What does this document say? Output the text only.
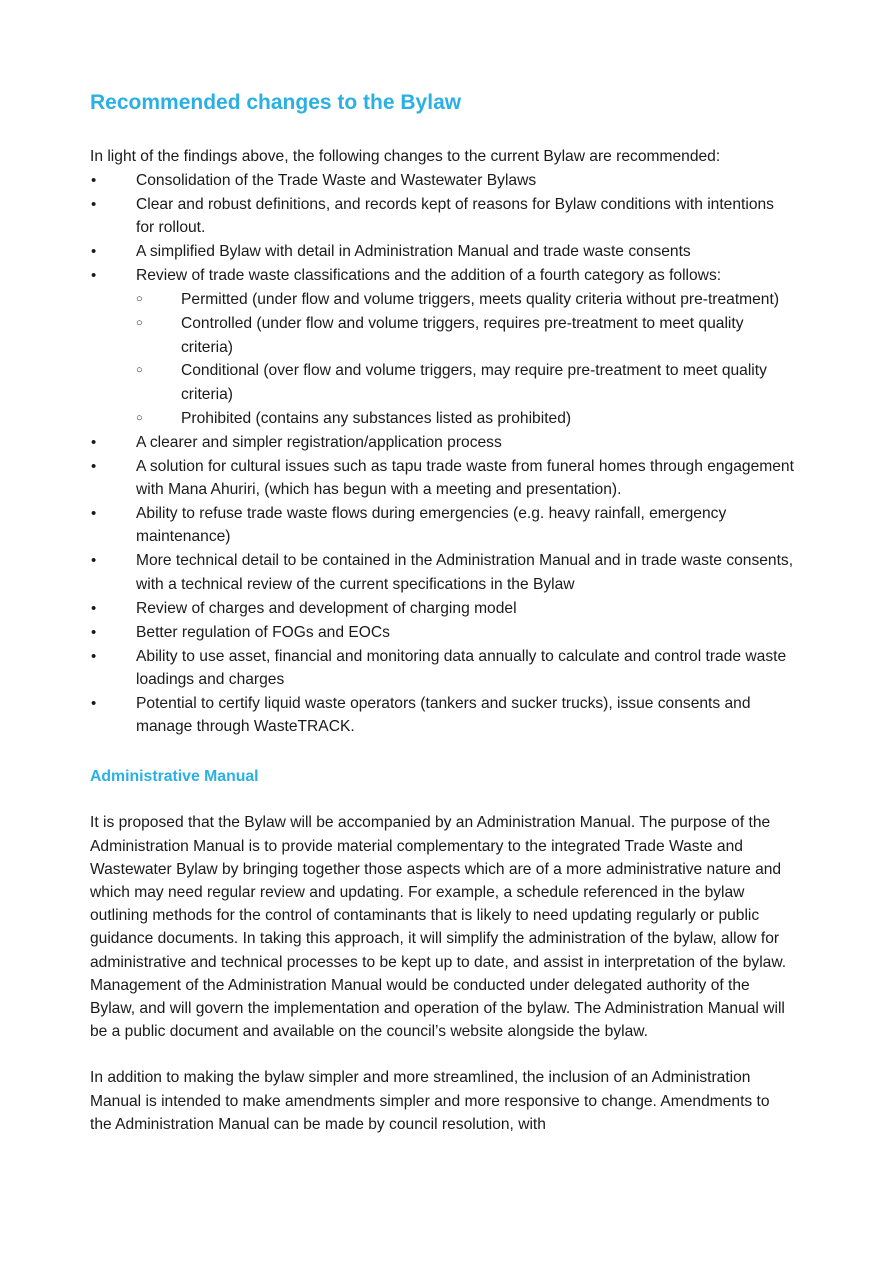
Recommended changes to the Bylaw

In light of the findings above, the following changes to the current Bylaw are recommended:

•	Consolidation of the Trade Waste and Wastewater Bylaws
•	Clear and robust definitions, and records kept of reasons for Bylaw conditions with intentions for rollout.
•	A simplified Bylaw with detail in Administration Manual and trade waste consents
•	Review of trade waste classifications and the addition of a fourth category as follows:
○ Permitted (under flow and volume triggers, meets quality criteria without pre-treatment)
○ Controlled (under flow and volume triggers, requires pre-treatment to meet quality criteria)
○ Conditional (over flow and volume triggers, may require pre-treatment to meet quality criteria)
○ Prohibited (contains any substances listed as prohibited)
•	A clearer and simpler registration/application process
•	A solution for cultural issues such as tapu trade waste from funeral homes through engagement with Mana Ahuriri, (which has begun with a meeting and presentation).
•	Ability to refuse trade waste flows during emergencies (e.g. heavy rainfall, emergency maintenance)
•	More technical detail to be contained in the Administration Manual and in trade waste consents, with a technical review of the current specifications in the Bylaw
•	Review of charges and development of charging model
•	Better regulation of FOGs and EOCs
•	Ability to use asset, financial and monitoring data annually to calculate and control trade waste loadings and charges
•	Potential to certify liquid waste operators (tankers and sucker trucks), issue consents and manage through WasteTRACK.
Administrative Manual

It is proposed that the Bylaw will be accompanied by an Administration Manual. The purpose of the Administration Manual is to provide material complementary to the integrated Trade Waste and Wastewater Bylaw by bringing together those aspects which are of a more administrative nature and which may need regular review and updating. For example, a schedule referenced in the bylaw outlining methods for the control of contaminants that is likely to need updating regularly or public guidance documents. In taking this approach, it will simplify the administration of the bylaw, allow for administrative and technical processes to be kept up to date, and assist in interpretation of the bylaw.

Management of the Administration Manual would be conducted under delegated authority of the Bylaw, and will govern the implementation and operation of the bylaw. The Administration Manual will be a public document and available on the council’s website alongside the bylaw.

In addition to making the bylaw simpler and more streamlined, the inclusion of an Administration Manual is intended to make amendments simpler and more responsive to change. Amendments to the Administration Manual can be made by council resolution, with
